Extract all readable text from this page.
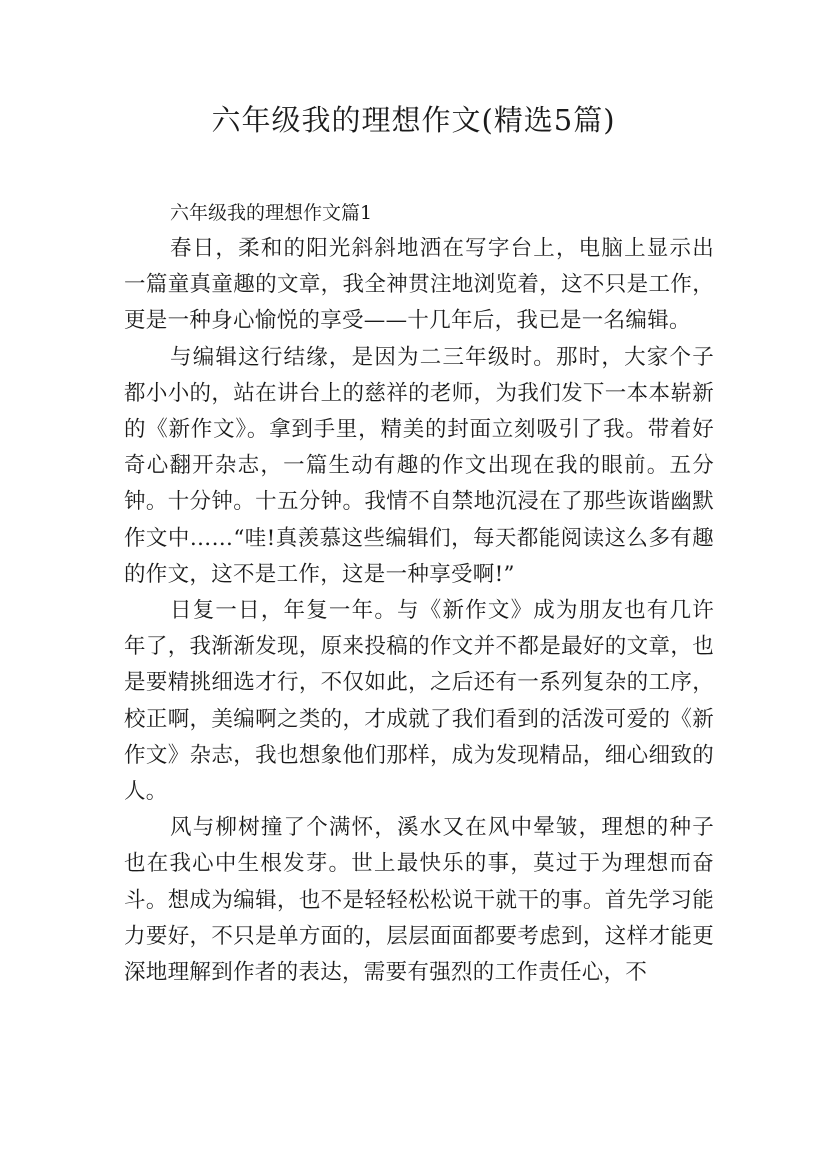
六年级我的理想作文(精选5篇)

六年级我的理想作文篇1

春日，柔和的阳光斜斜地洒在写字台上，电脑上显示出一篇童真童趣的文章，我全神贯注地浏览着，这不只是工作，更是一种身心愉悦的享受——十几年后，我已是一名编辑。

与编辑这行结缘，是因为二三年级时。那时，大家个子都小小的，站在讲台上的慈祥的老师，为我们发下一本本崭新的《新作文》。拿到手里，精美的封面立刻吸引了我。带着好奇心翻开杂志，一篇生动有趣的作文出现在我的眼前。五分钟。十分钟。十五分钟。我情不自禁地沉浸在了那些诙谐幽默作文中……“哇!真羡慕这些编辑们，每天都能阅读这么多有趣的作文，这不是工作，这是一种享受啊!”

日复一日，年复一年。与《新作文》成为朋友也有几许年了，我渐渐发现，原来投稿的作文并不都是最好的文章，也是要精挑细选才行，不仅如此，之后还有一系列复杂的工序，校正啊，美编啊之类的，才成就了我们看到的活泼可爱的《新作文》杂志，我也想象他们那样，成为发现精品，细心细致的人。

风与柳树撞了个满怀，溪水又在风中晕皱，理想的种子也在我心中生根发芽。世上最快乐的事，莫过于为理想而奋斗。想成为编辑，也不是轻轻松松说干就干的事。首先学习能力要好，不只是单方面的，层层面面都要考虑到，这样才能更深地理解到作者的表达，需要有强烈的工作责任心，不
